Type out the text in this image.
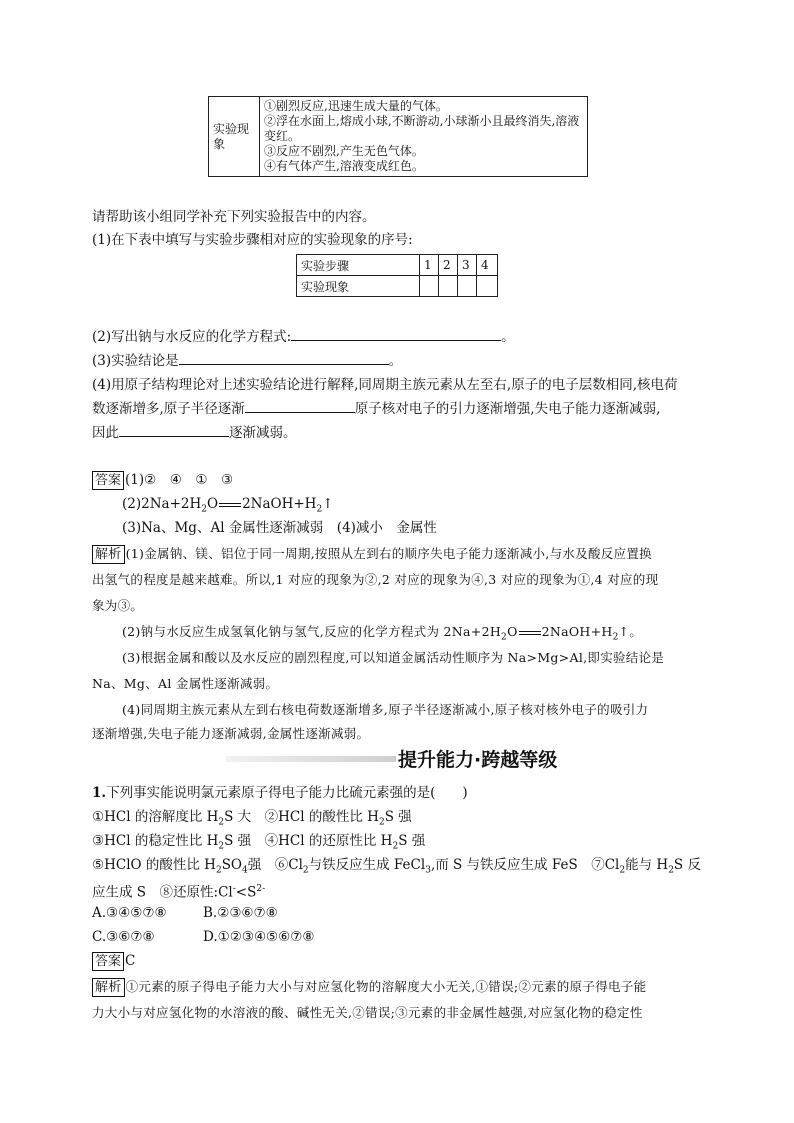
实验现象	
①剧烈反应,迅速生成大量的气体。
②浮在水面上,熔成小球,不断游动,小球渐小且最终消失,溶液
变红。
③反应不剧烈,产生无色气体。
④有气体产生,溶液变成红色。
请帮助该小组同学补充下列实验报告中的内容。
(1)在下表中填写与实验步骤相对应的实验现象的序号:
实验步骤	1	2	3	4
实验现象				
(2)写出钠与水反应的化学方程式:	。
(3)实验结论是	。
(4)用原子结构理论对上述实验结论进行解释,同周期主族元素从左至右,原子的电子层数相同,核电荷
数逐渐增多,原子半径逐渐	原子核对电子的引力逐渐增强,失电子能力逐渐减弱,
因此	逐渐减弱。
答案 (1)②　④　①　③
$(2)2Na+2H_2O$ $2NaOH+H_2↑$
(3)Na、Mg、Al 金属性逐渐减弱　(4)减小　金属性
解析 (1)金属钠、镁、铝位于同一周期,按照从左到右的顺序失电子能力逐渐减小,与水及酸反应置换
出氢气的程度是越来越难。所以,1 对应的现象为②,2 对应的现象为④,3 对应的现象为①,4 对应的现
象为③。
(2)钠与水反应生成氢氧化钠与氢气,反应的化学方程式为 $2Na+2H_2O$ $2NaOH+H_2↑$。
(3)根据金属和酸以及水反应的剧烈程度,可以知道金属活动性顺序为 Na>Mg>Al,即实验结论是
Na、Mg、Al 金属性逐渐减弱。
(4)同周期主族元素从左到右核电荷数逐渐增多,原子半径逐渐减小,原子核对核外电子的吸引力
逐渐增强,失电子能力逐渐减弱,金属性逐渐减弱。
提升能力·跨越等级
1.下列事实能说明氯元素原子得电子能力比硫元素强的是(　　)
①HCl 的溶解度比 $H_2S$ 大　②HCl 的酸性比 $H_2S$ 强
③HCl 的稳定性比 $H_2S$ 强　④HCl 的还原性比 $H_2S$ 强
⑤HClO 的酸性比 $H_2SO_4$强　$⑥Cl_2$与铁反应生成 FeCl$_3$,而 S 与铁反应生成 FeS　$⑦Cl_2$能与 $H_2S$ 反
应生成 S　⑧还原性$:Cl^-<S^{2-}$
A.③④⑤⑦⑧	B.②③⑥⑦⑧
C.③⑥⑦⑧	D.①②③④⑤⑥⑦⑧
答案 C
解析 ①元素的原子得电子能力大小与对应氢化物的溶解度大小无关,①错误;②元素的原子得电子能
力大小与对应氢化物的水溶液的酸、碱性无关,②错误;③元素的非金属性越强,对应氢化物的稳定性
